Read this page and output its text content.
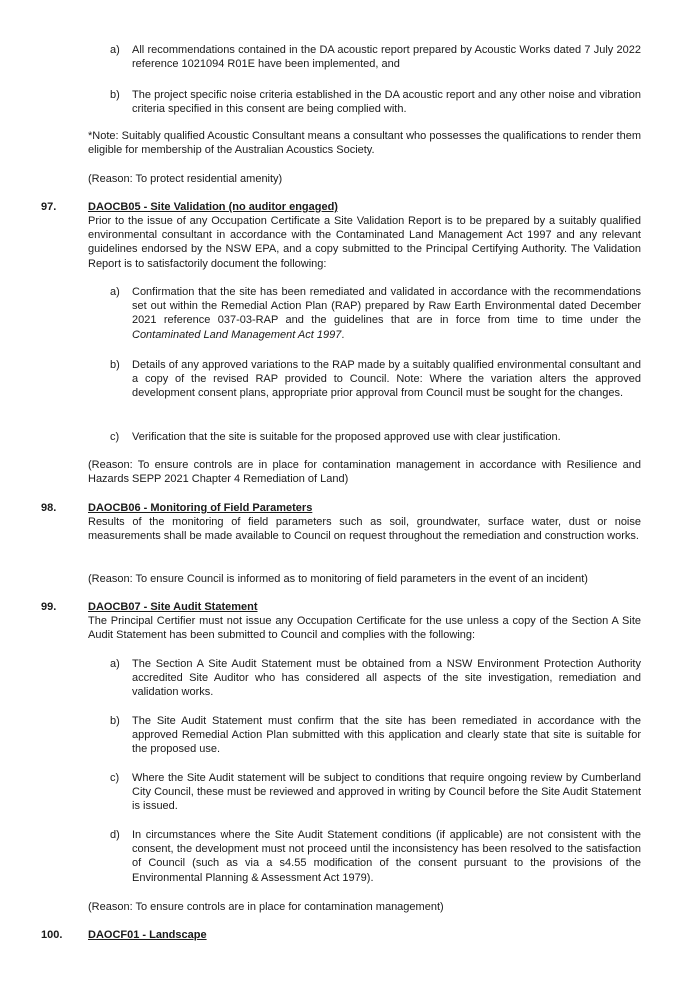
a) All recommendations contained in the DA acoustic report prepared by Acoustic Works dated 7 July 2022 reference 1021094 R01E have been implemented, and

b) The project specific noise criteria established in the DA acoustic report and any other noise and vibration criteria specified in this consent are being complied with.

*Note: Suitably qualified Acoustic Consultant means a consultant who possesses the qualifications to render them eligible for membership of the Australian Acoustics Society.

(Reason: To protect residential amenity)

97.	DAOCB05 - Site Validation (no auditor engaged)

Prior to the issue of any Occupation Certificate a Site Validation Report is to be prepared by a suitably qualified environmental consultant in accordance with the Contaminated Land Management Act 1997 and any relevant guidelines endorsed by the NSW EPA, and a copy submitted to the Principal Certifying Authority. The Validation Report is to satisfactorily document the following:

a) Confirmation that the site has been remediated and validated in accordance with the recommendations set out within the Remedial Action Plan (RAP) prepared by Raw Earth Environmental dated December 2021 reference 037-03-RAP and the guidelines that are in force from time to time under the Contaminated Land Management Act 1997.

b) Details of any approved variations to the RAP made by a suitably qualified environmental consultant and a copy of the revised RAP provided to Council. Note: Where the variation alters the approved development consent plans, appropriate prior approval from Council must be sought for the changes.

c) Verification that the site is suitable for the proposed approved use with clear justification.

(Reason: To ensure controls are in place for contamination management in accordance with Resilience and Hazards SEPP 2021 Chapter 4 Remediation of Land)

98.	DAOCB06 - Monitoring of Field Parameters

Results of the monitoring of field parameters such as soil, groundwater, surface water, dust or noise measurements shall be made available to Council on request throughout the remediation and construction works.

(Reason: To ensure Council is informed as to monitoring of field parameters in the event of an incident)

99.	DAOCB07 - Site Audit Statement

The Principal Certifier must not issue any Occupation Certificate for the use unless a copy of the Section A Site Audit Statement has been submitted to Council and complies with the following:

a) The Section A Site Audit Statement must be obtained from a NSW Environment Protection Authority accredited Site Auditor who has considered all aspects of the site investigation, remediation and validation works.

b) The Site Audit Statement must confirm that the site has been remediated in accordance with the approved Remedial Action Plan submitted with this application and clearly state that site is suitable for the proposed use.

c) Where the Site Audit statement will be subject to conditions that require ongoing review by Cumberland City Council, these must be reviewed and approved in writing by Council before the Site Audit Statement is issued.

d) In circumstances where the Site Audit Statement conditions (if applicable) are not consistent with the consent, the development must not proceed until the inconsistency has been resolved to the satisfaction of Council (such as via a s4.55 modification of the consent pursuant to the provisions of the Environmental Planning & Assessment Act 1979).

(Reason: To ensure controls are in place for contamination management)

100. DAOCF01 - Landscape
